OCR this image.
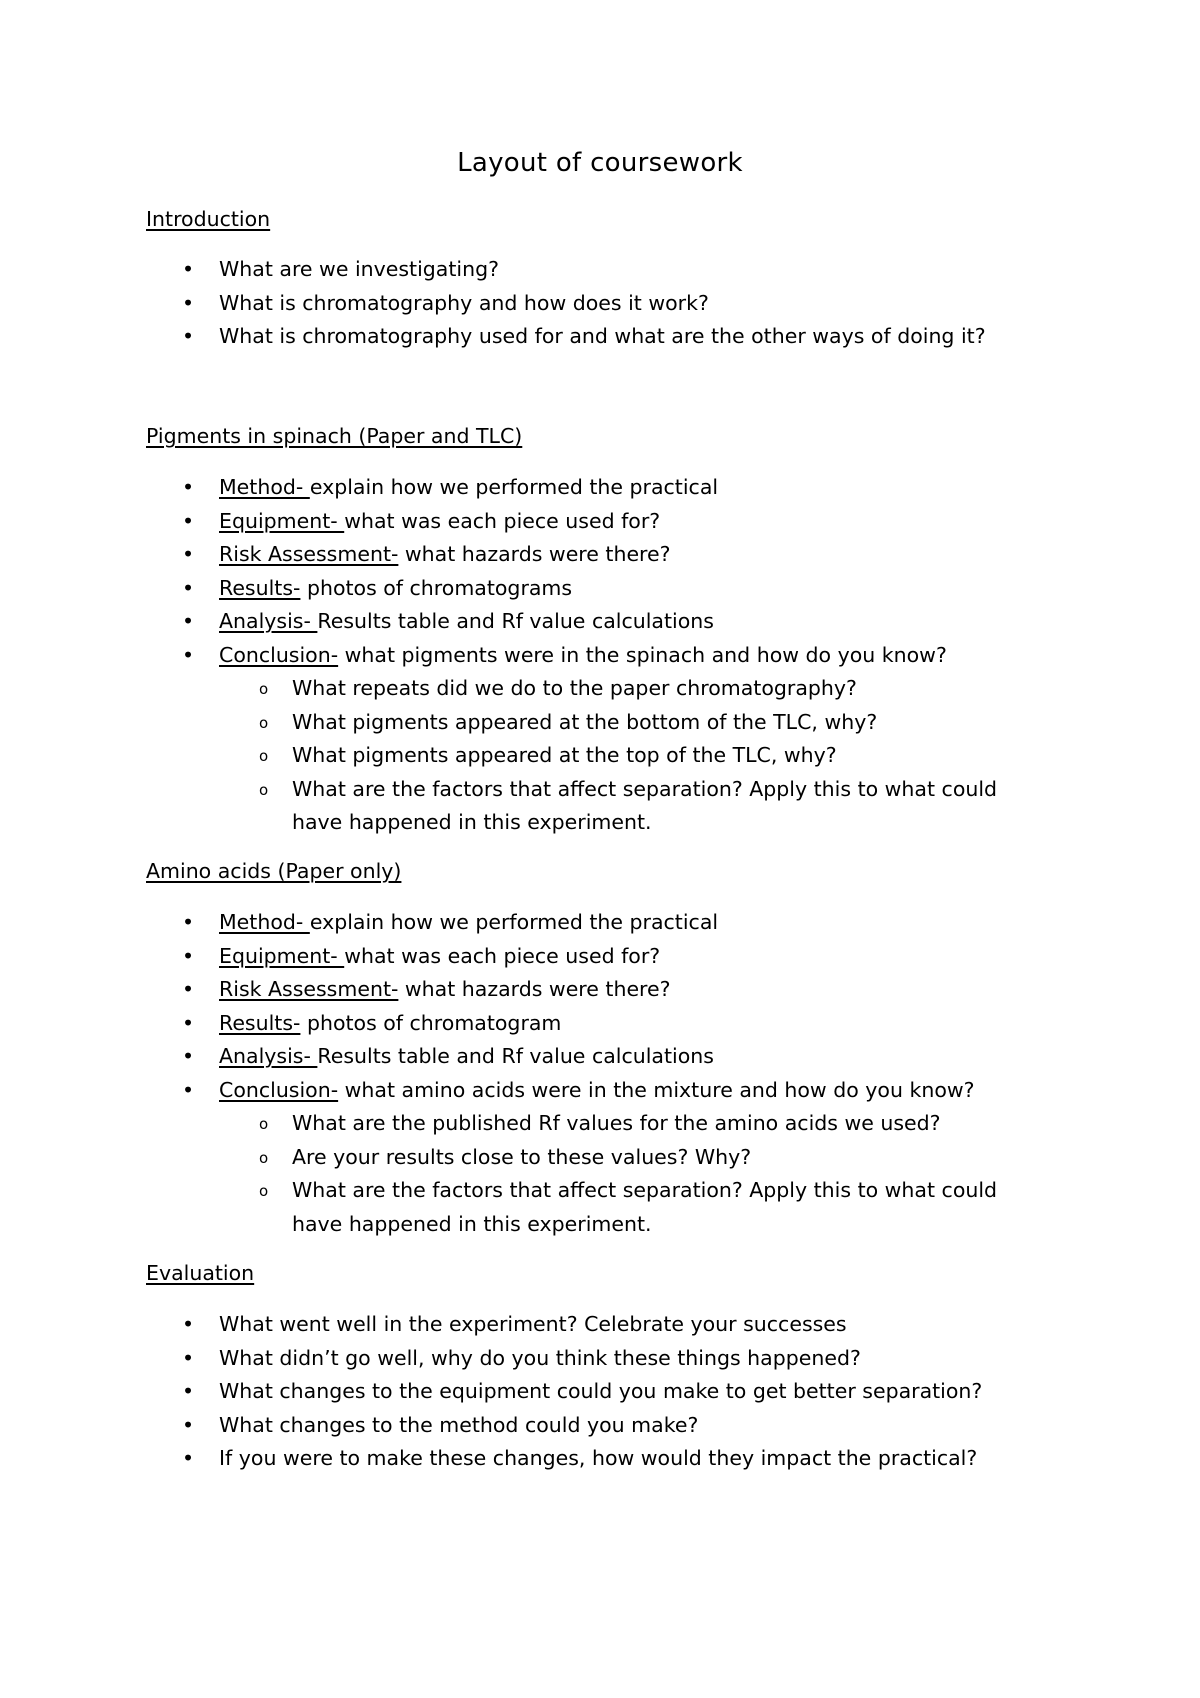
Layout of coursework

Introduction

• What are we investigating?
• What is chromatography and how does it work?
• What is chromatography used for and what are the other ways of doing it?

Pigments in spinach (Paper and TLC)

• Method- explain how we performed the practical
• Equipment- what was each piece used for?
• Risk Assessment- what hazards were there?
• Results- photos of chromatograms
• Analysis- Results table and Rf value calculations
• Conclusion- what pigments were in the spinach and how do you know?
o What repeats did we do to the paper chromatography?
o What pigments appeared at the bottom of the TLC, why?
o What pigments appeared at the top of the TLC, why?
o What are the factors that affect separation? Apply this to what could have happened in this experiment.

Amino acids (Paper only)

• Method- explain how we performed the practical
• Equipment- what was each piece used for?
• Risk Assessment- what hazards were there?
• Results- photos of chromatogram
• Analysis- Results table and Rf value calculations
• Conclusion- what amino acids were in the mixture and how do you know?
o What are the published Rf values for the amino acids we used?
o Are your results close to these values? Why?
o What are the factors that affect separation? Apply this to what could have happened in this experiment.

Evaluation

• What went well in the experiment? Celebrate your successes
• What didn’t go well, why do you think these things happened?
• What changes to the equipment could you make to get better separation?
• What changes to the method could you make?
• If you were to make these changes, how would they impact the practical?
